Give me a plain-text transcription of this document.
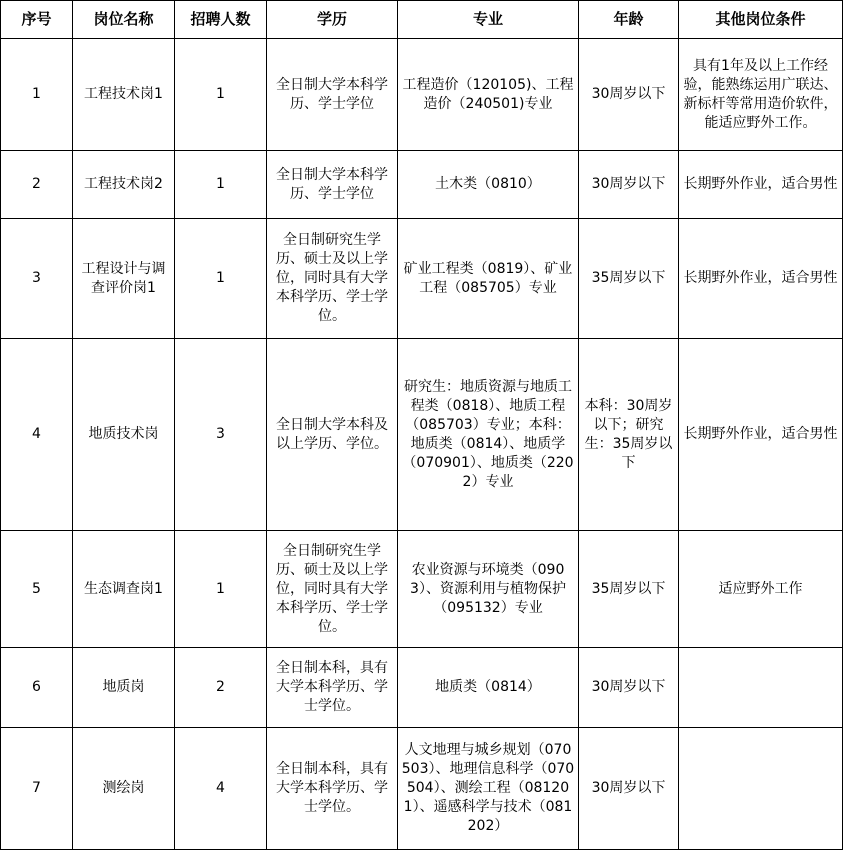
序号	岗位名称	招聘人数	学历	专业	年龄	其他岗位条件
1	工程技术岗1	1	全日制大学本科学历、学士学位	工程造价（120105)、工程造价（240501)专业	30周岁以下	具有1年及以上工作经验，能熟练运用广联达、新标杆等常用造价软件，能适应野外工作。
2	工程技术岗2	1	全日制大学本科学历、学士学位	土木类（0810）	30周岁以下	长期野外作业，适合男性
3	工程设计与调查评价岗1	1	全日制研究生学历、硕士及以上学位，同时具有大学本科学历、学士学位。	矿业工程类（0819）、矿业工程（085705）专业	35周岁以下	长期野外作业，适合男性
4	地质技术岗	3	全日制大学本科及以上学历、学位。	研究生：地质资源与地质工程类（0818）、地质工程（085703）专业；本科：地质类（0814）、地质学（070901）、地质类（2202）专业	本科：30周岁以下；研究生：35周岁以下	长期野外作业，适合男性
5	生态调查岗1	1	全日制研究生学历、硕士及以上学位，同时具有大学本科学历、学士学位。	农业资源与环境类（0903）、资源利用与植物保护（095132）专业	35周岁以下	适应野外工作
6	地质岗	2	全日制本科，具有大学本科学历、学士学位。	地质类（0814）	30周岁以下	
7	测绘岗	4	全日制本科，具有大学本科学历、学士学位。	人文地理与城乡规划（070503）、地理信息科学（070504）、测绘工程（081201）、遥感科学与技术（081202）	30周岁以下	
